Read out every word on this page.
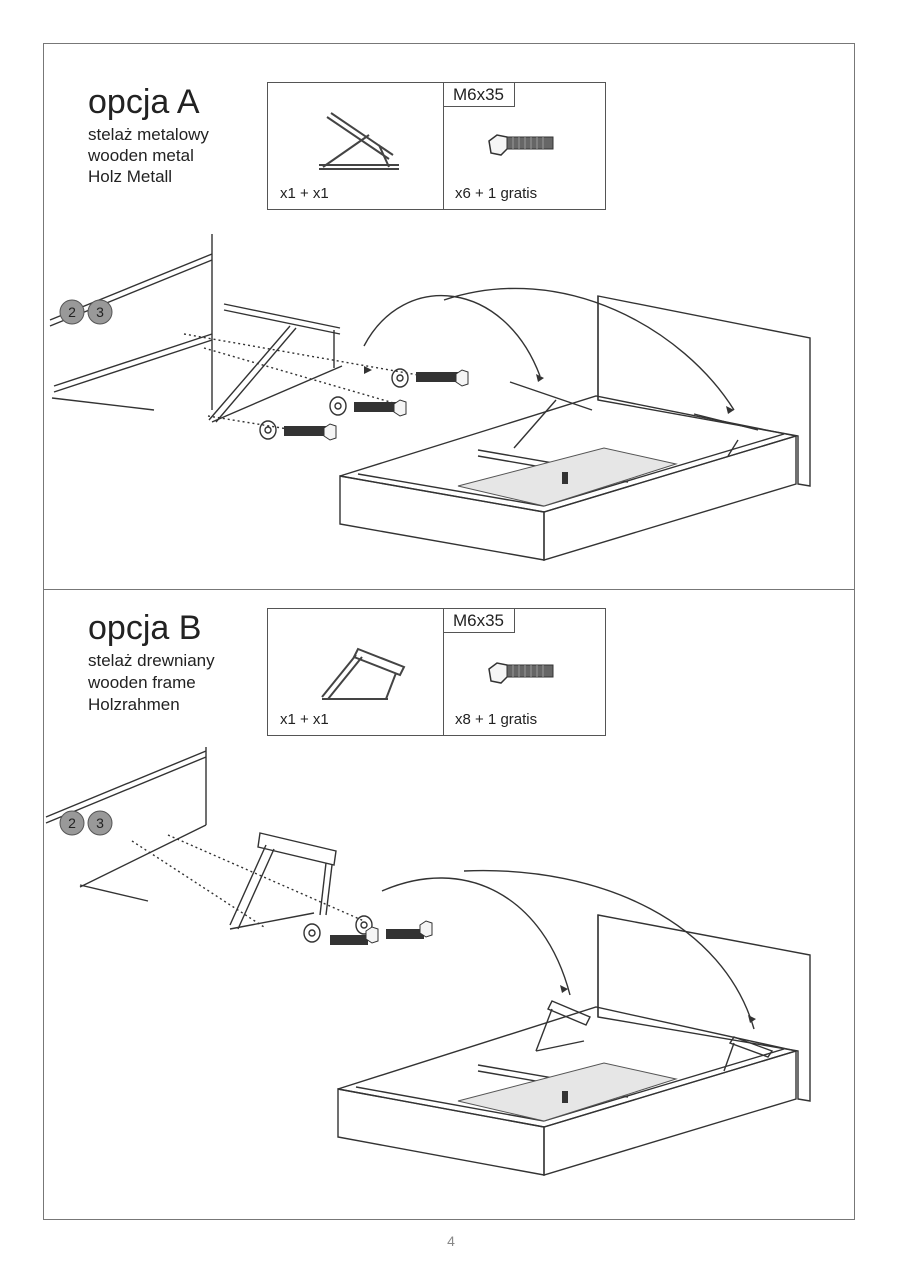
opcja A
stelaż metalowy
wooden metal
Holz Metall
M6x35
x1 + x1	x6 + 1 gratis
2 3
opcja B
stelaż drewniany
wooden frame
Holzrahmen
M6x35
x1 + x1	x8 + 1 gratis
2 3
4
